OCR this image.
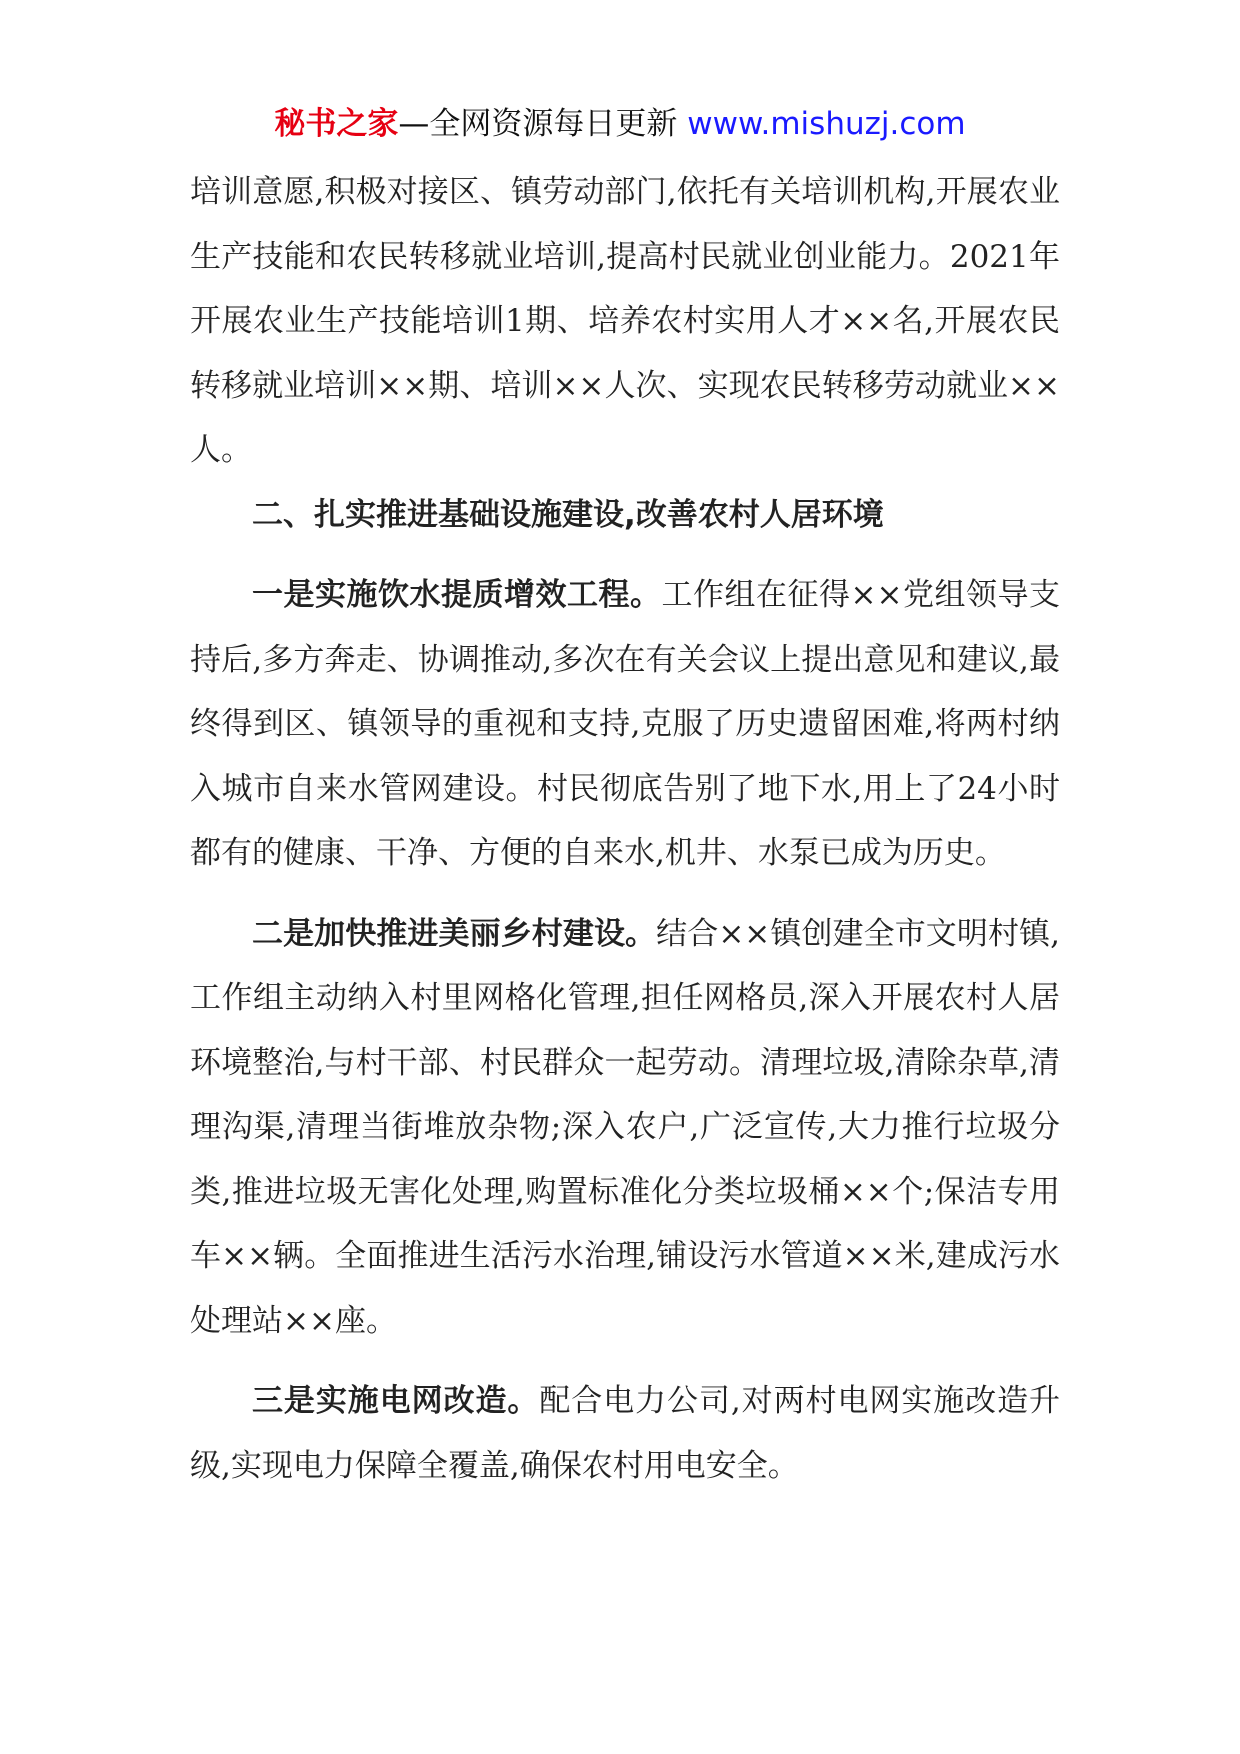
秘书之家—全网资源每日更新 www.mishuzj.com

培训意愿,积极对接区、镇劳动部门,依托有关培训机构,开展农业生产技能和农民转移就业培训,提高村民就业创业能力。2021年开展农业生产技能培训1期、培养农村实用人才××名,开展农民转移就业培训××期、培训××人次、实现农民转移劳动就业××人。

二、扎实推进基础设施建设,改善农村人居环境

一是实施饮水提质增效工程。工作组在征得××党组领导支持后,多方奔走、协调推动,多次在有关会议上提出意见和建议,最终得到区、镇领导的重视和支持,克服了历史遗留困难,将两村纳入城市自来水管网建设。村民彻底告别了地下水,用上了24小时都有的健康、干净、方便的自来水,机井、水泵已成为历史。

二是加快推进美丽乡村建设。结合××镇创建全市文明村镇,工作组主动纳入村里网格化管理,担任网格员,深入开展农村人居环境整治,与村干部、村民群众一起劳动。清理垃圾,清除杂草,清理沟渠,清理当街堆放杂物;深入农户,广泛宣传,大力推行垃圾分类,推进垃圾无害化处理,购置标准化分类垃圾桶××个;保洁专用车××辆。全面推进生活污水治理,铺设污水管道××米,建成污水处理站××座。

三是实施电网改造。配合电力公司,对两村电网实施改造升级,实现电力保障全覆盖,确保农村用电安全。
